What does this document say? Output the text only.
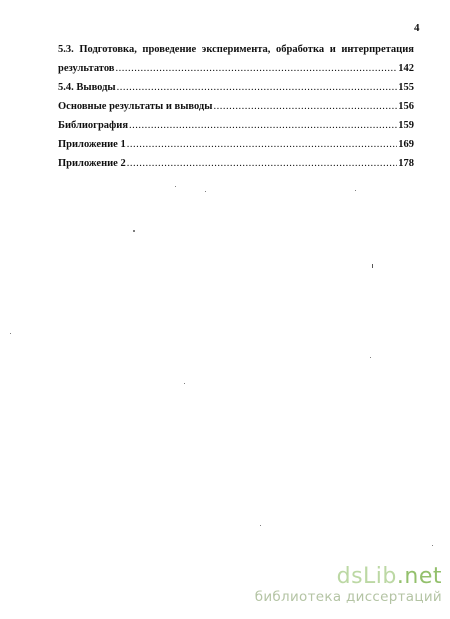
4
5.3. Подготовка, проведение эксперимента, обработка и интерпретация
результатов .....	142
5.4. Выводы .....	155
Основные результаты и выводы .....	156
Библиография .....	159
Приложение 1 .....	169
Приложение 2 .....	178
dsLib.net
библиотека диссертаций
